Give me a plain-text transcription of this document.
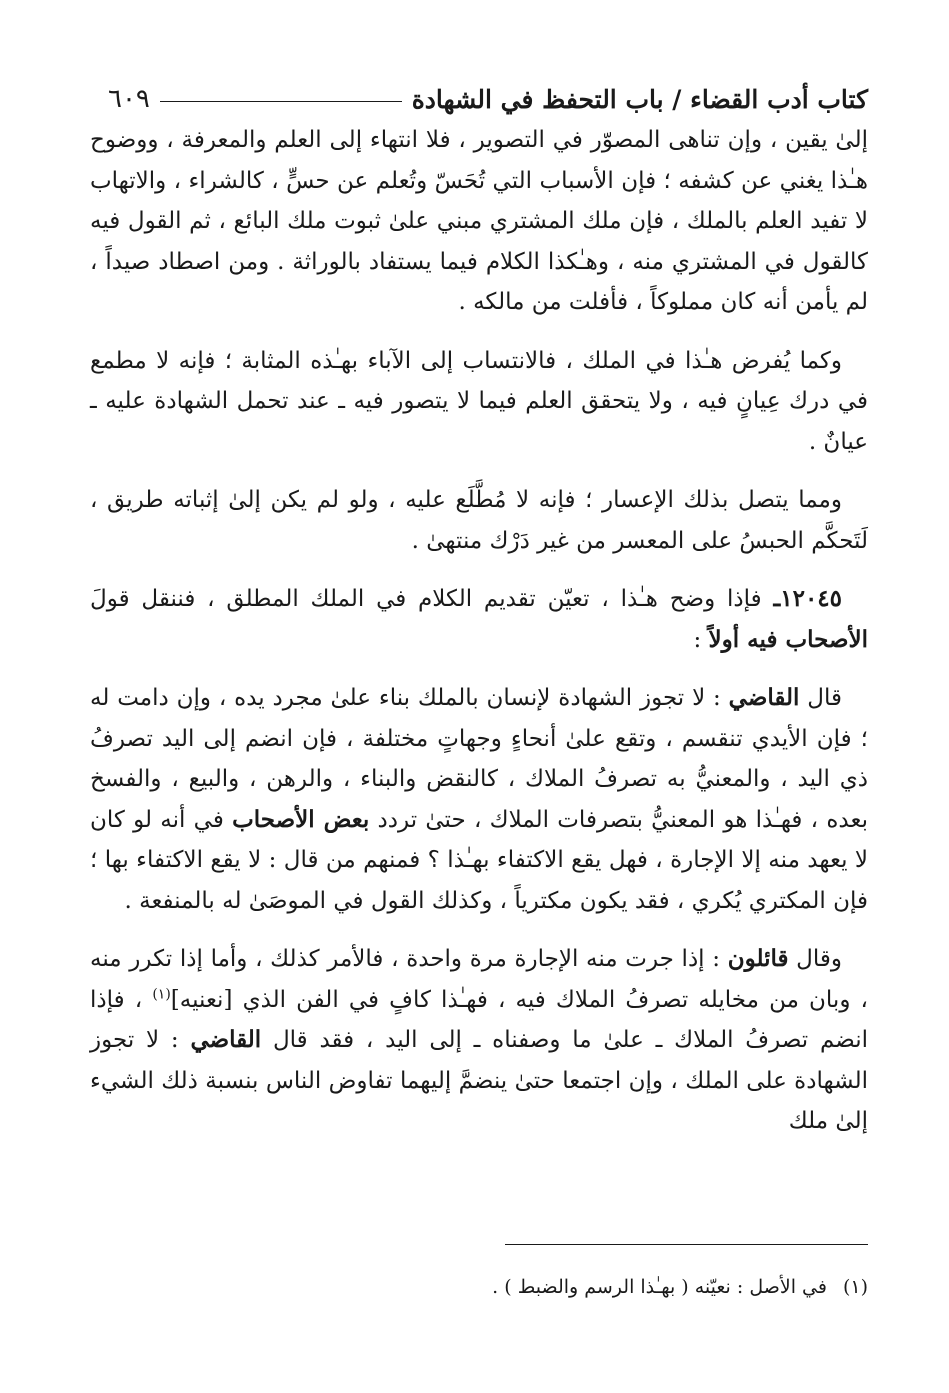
كتاب أدب القضاء / باب التحفظ في الشهادة
٦٠٩

إلىٰ يقين ، وإن تناهى المصوّر في التصوير ، فلا انتهاء إلى العلم والمعرفة ، ووضوح هـٰذا يغني عن كشفه ؛ فإن الأسباب التي تُحَسّ وتُعلم عن حسٍّ ، كالشراء ، والاتهاب لا تفيد العلم بالملك ، فإن ملك المشتري مبني علىٰ ثبوت ملك البائع ، ثم القول فيه كالقول في المشتري منه ، وهـٰكذا الكلام فيما يستفاد بالوراثة . ومن اصطاد صيداً ، لم يأمن أنه كان مملوكاً ، فأفلت من مالكه .

وكما يُفرض هـٰذا في الملك ، فالانتساب إلى الآباء بهـٰذه المثابة ؛ فإنه لا مطمع في درك عِيانٍ فيه ، ولا يتحقق العلم فيما لا يتصور فيه ـ عند تحمل الشهادة عليه ـ عيانٌ .

ومما يتصل بذلك الإعسار ؛ فإنه لا مُطَّلَع عليه ، ولو لم يكن إلىٰ إثباته طريق ، لَتَحكَّم الحبسُ على المعسر من غير دَرْك منتهىٰ .

١٢٠٤٥ـ فإذا وضح هـٰذا ، تعيّن تقديم الكلام في الملك المطلق ، فننقل قولَ الأصحاب فيه أولاً :

قال القاضي : لا تجوز الشهادة لإنسان بالملك بناء علىٰ مجرد يده ، وإن دامت له ؛ فإن الأيدي تنقسم ، وتقع علىٰ أنحاءٍ وجهاتٍ مختلفة ، فإن انضم إلى اليد تصرفُ ذي اليد ، والمعنيُّ به تصرفُ الملاك ، كالنقض والبناء ، والرهن ، والبيع ، والفسخ بعده ، فهـٰذا هو المعنيُّ بتصرفات الملاك ، حتىٰ تردد بعض الأصحاب في أنه لو كان لا يعهد منه إلا الإجارة ، فهل يقع الاكتفاء بهـٰذا ؟ فمنهم من قال : لا يقع الاكتفاء بها ؛ فإن المكتري يُكري ، فقد يكون مكترياً ، وكذلك القول في الموصَىٰ له بالمنفعة .

وقال قائلون : إذا جرت منه الإجارة مرة واحدة ، فالأمر كذلك ، وأما إذا تكرر منه ، وبان من مخايله تصرفُ الملاك فيه ، فهـٰذا كافٍ في الفن الذي [نعنيه]$^{(١)}$ ، فإذا انضم تصرفُ الملاك ـ علىٰ ما وصفناه ـ إلى اليد ، فقد قال القاضي : لا تجوز الشهادة على الملك ، وإن اجتمعا حتىٰ ينضمَّ إليهما تفاوض الناس بنسبة ذلك الشيء إلىٰ ملك

(١)في الأصل : نعيّنه ( بهـٰذا الرسم والضبط ) .
